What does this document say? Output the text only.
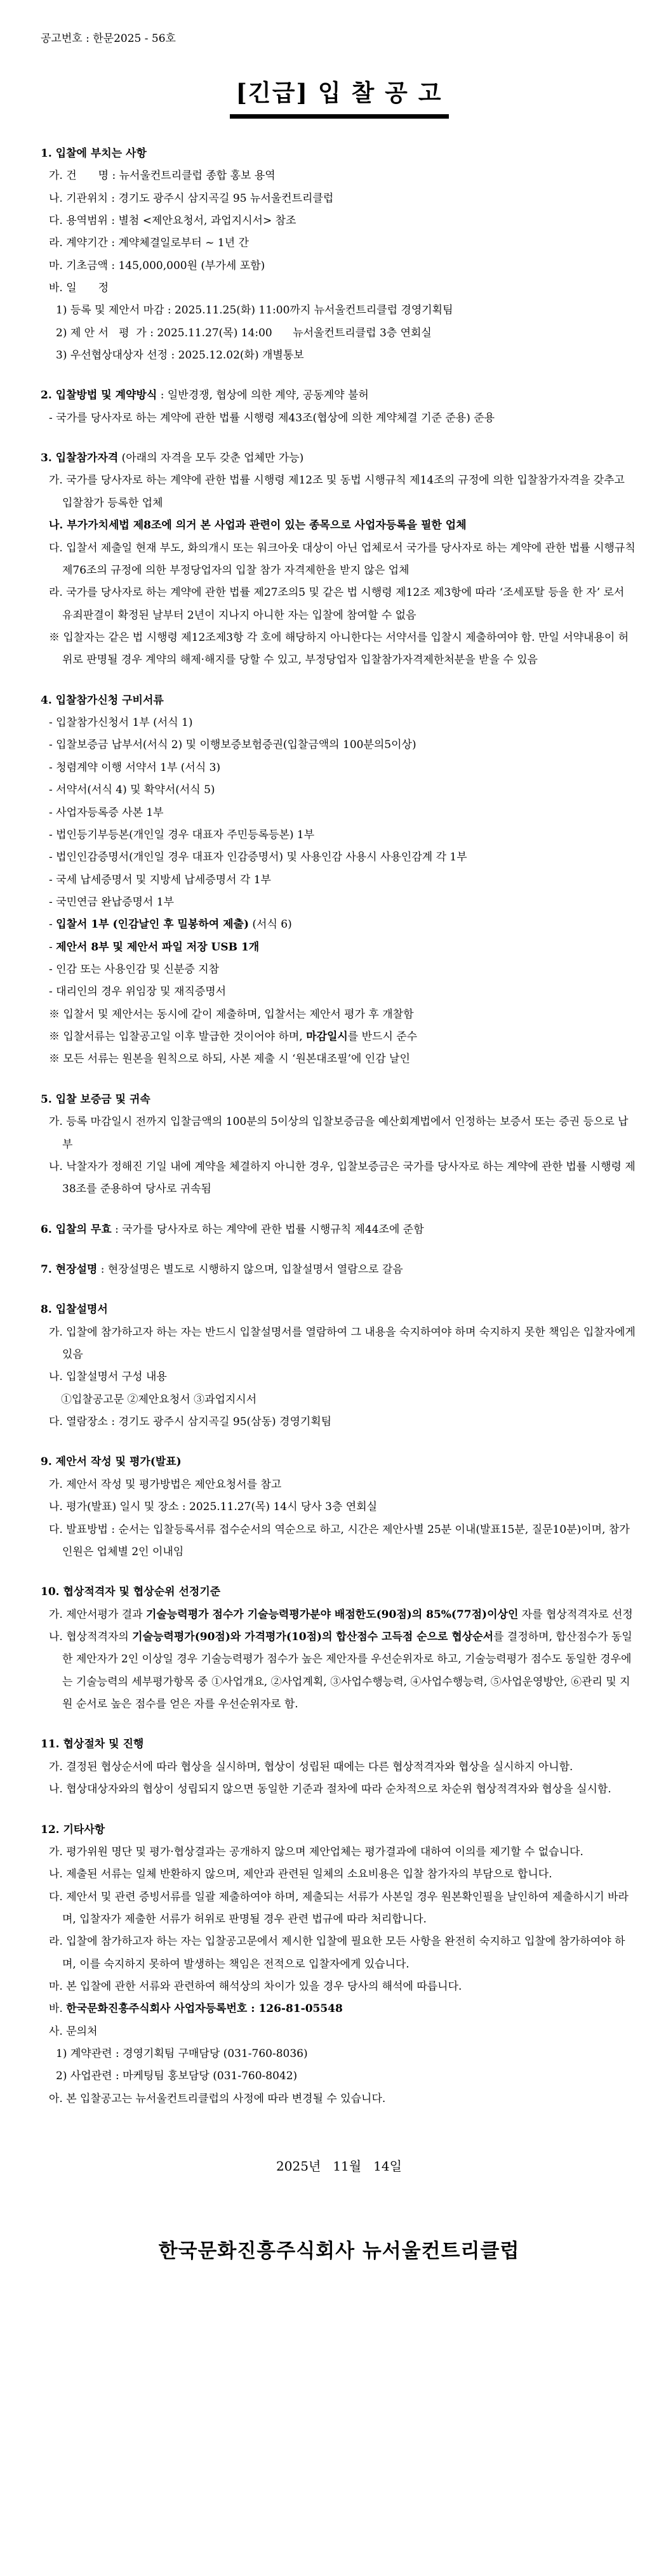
공고번호 : 한문2025 - 56호
[긴급] 입 찰 공 고
1. 입찰에 부치는 사항
가. 건　　명 : 뉴서울컨트리클럽 종합 홍보 용역
나. 기관위치 : 경기도 광주시 삼지곡길 95 뉴서울컨트리클럽
다. 용역범위 : 별첨 <제안요청서, 과업지시서> 참조
라. 계약기간 : 계약체결일로부터 ~ 1년 간
마. 기초금액 : 145,000,000원 (부가세 포함)
바. 일　　정
1) 등록 및 제안서 마감 : 2025.11.25(화) 11:00까지 뉴서울컨트리클럽 경영기획팀
2) 제 안 서   평  가 : 2025.11.27(목) 14:00      뉴서울컨트리클럽 3층 연회실
3) 우선협상대상자 선정 : 2025.12.02(화) 개별통보
2. 입찰방법 및 계약방식 : 일반경쟁, 협상에 의한 계약, 공동계약 불허
- 국가를 당사자로 하는 계약에 관한 법률 시행령 제43조(협상에 의한 계약체결 기준 준용) 준용
3. 입찰참가자격 (아래의 자격을 모두 갖춘 업체만 가능)
가. 국가를 당사자로 하는 계약에 관한 법률 시행령 제12조 및 동법 시행규칙 제14조의 규정에 의한 입찰참가자격을 갖추고 입찰참가 등록한 업체
나. 부가가치세법 제8조에 의거 본 사업과 관련이 있는 종목으로 사업자등록을 필한 업체
다. 입찰서 제출일 현재 부도, 화의개시 또는 워크아웃 대상이 아닌 업체로서 국가를 당사자로 하는 계약에 관한 법률 시행규칙 제76조의 규정에 의한 부정당업자의 입찰 참가 자격제한을 받지 않은 업체
라. 국가를 당사자로 하는 계약에 관한 법률 제27조의5 및 같은 법 시행령 제12조 제3항에 따라 ‘조세포탈 등을 한 자’ 로서 유죄판결이 확정된 날부터 2년이 지나지 아니한 자는 입찰에 참여할 수 없음
※ 입찰자는 같은 법 시행령 제12조제3항 각 호에 해당하지 아니한다는 서약서를 입찰시 제출하여야 함. 만일 서약내용이 허위로 판명될 경우 계약의 해제·해지를 당할 수 있고, 부정당업자 입찰참가자격제한처분을 받을 수 있음
4. 입찰참가신청 구비서류
- 입찰참가신청서 1부 (서식 1)
- 입찰보증금 납부서(서식 2) 및 이행보증보험증권(입찰금액의 100분의5이상)
- 청렴계약 이행 서약서 1부 (서식 3)
- 서약서(서식 4) 및 확약서(서식 5)
- 사업자등록증 사본 1부
- 법인등기부등본(개인일 경우 대표자 주민등록등본) 1부
- 법인인감증명서(개인일 경우 대표자 인감증명서) 및 사용인감 사용시 사용인감계 각 1부
- 국세 납세증명서 및 지방세 납세증명서 각 1부
- 국민연금 완납증명서 1부
- 입찰서 1부 (인감날인 후 밀봉하여 제출) (서식 6)
- 제안서 8부 및 제안서 파일 저장 USB 1개
- 인감 또는 사용인감 및 신분증 지참
- 대리인의 경우 위임장 및 재직증명서
※ 입찰서 및 제안서는 동시에 같이 제출하며, 입찰서는 제안서 평가 후 개찰함
※ 입찰서류는 입찰공고일 이후 발급한 것이어야 하며, 마감일시를 반드시 준수
※ 모든 서류는 원본을 원칙으로 하되, 사본 제출 시 ‘원본대조필’에 인감 날인
5. 입찰 보증금 및 귀속
가. 등록 마감일시 전까지 입찰금액의 100분의 5이상의 입찰보증금을 예산회계법에서 인정하는 보증서 또는 증권 등으로 납부
나. 낙찰자가 정해진 기일 내에 계약을 체결하지 아니한 경우, 입찰보증금은 국가를 당사자로 하는 계약에 관한 법률 시행령 제38조를 준용하여 당사로 귀속됨
6. 입찰의 무효 : 국가를 당사자로 하는 계약에 관한 법률 시행규칙 제44조에 준함
7. 현장설명 : 현장설명은 별도로 시행하지 않으며, 입찰설명서 열람으로 갈음
8. 입찰설명서
가. 입찰에 참가하고자 하는 자는 반드시 입찰설명서를 열람하여 그 내용을 숙지하여야 하며 숙지하지 못한 책임은 입찰자에게 있음
나. 입찰설명서 구성 내용
①입찰공고문 ②제안요청서 ③과업지시서
다. 열람장소 : 경기도 광주시 삼지곡길 95(삼동) 경영기획팀
9. 제안서 작성 및 평가(발표)
가. 제안서 작성 및 평가방법은 제안요청서를 참고
나. 평가(발표) 일시 및 장소 : 2025.11.27(목) 14시 당사 3층 연회실
다. 발표방법 : 순서는 입찰등록서류 접수순서의 역순으로 하고, 시간은 제안사별 25분 이내(발표15분, 질문10분)이며, 참가인원은 업체별 2인 이내임
10. 협상적격자 및 협상순위 선정기준
가. 제안서평가 결과 기술능력평가 점수가 기술능력평가분야 배점한도(90점)의 85%(77점)이상인 자를 협상적격자로 선정
나. 협상적격자의 기술능력평가(90점)와 가격평가(10점)의 합산점수 고득점 순으로 협상순서를 결정하며, 합산점수가 동일한 제안자가 2인 이상일 경우 기술능력평가 점수가 높은 제안자를 우선순위자로 하고, 기술능력평가 점수도 동일한 경우에는 기술능력의 세부평가항목 중 ①사업개요, ②사업계획, ③사업수행능력, ④사업수행능력, ⑤사업운영방안, ⑥관리 및 지원 순서로 높은 점수를 얻은 자를 우선순위자로 함.
11. 협상절차 및 진행
가. 결정된 협상순서에 따라 협상을 실시하며, 협상이 성립된 때에는 다른 협상적격자와 협상을 실시하지 아니함.
나. 협상대상자와의 협상이 성립되지 않으면 동일한 기준과 절차에 따라 순차적으로 차순위 협상적격자와 협상을 실시함.
12. 기타사항
가. 평가위원 명단 및 평가·협상결과는 공개하지 않으며 제안업체는 평가결과에 대하여 이의를 제기할 수 없습니다.
나. 제출된 서류는 일체 반환하지 않으며, 제안과 관련된 일체의 소요비용은 입찰 참가자의 부담으로 합니다.
다. 제안서 및 관련 증빙서류를 일괄 제출하여야 하며, 제출되는 서류가 사본일 경우 원본확인필을 날인하여 제출하시기 바라며, 입찰자가 제출한 서류가 허위로 판명될 경우 관련 법규에 따라 처리합니다.
라. 입찰에 참가하고자 하는 자는 입찰공고문에서 제시한 입찰에 필요한 모든 사항을 완전히 숙지하고 입찰에 참가하여야 하며, 이를 숙지하지 못하여 발생하는 책임은 전적으로 입찰자에게 있습니다.
마. 본 입찰에 관한 서류와 관련하여 해석상의 차이가 있을 경우 당사의 해석에 따릅니다.
바. 한국문화진흥주식회사 사업자등록번호 : 126-81-05548
사. 문의처
1) 계약관련 : 경영기획팀 구매담당 (031-760-8036)
2) 사업관련 : 마케팅팀 홍보담당 (031-760-8042)
아. 본 입찰공고는 뉴서울컨트리클럽의 사정에 따라 변경될 수 있습니다.
2025년   11월   14일
한국문화진흥주식회사 뉴서울컨트리클럽
